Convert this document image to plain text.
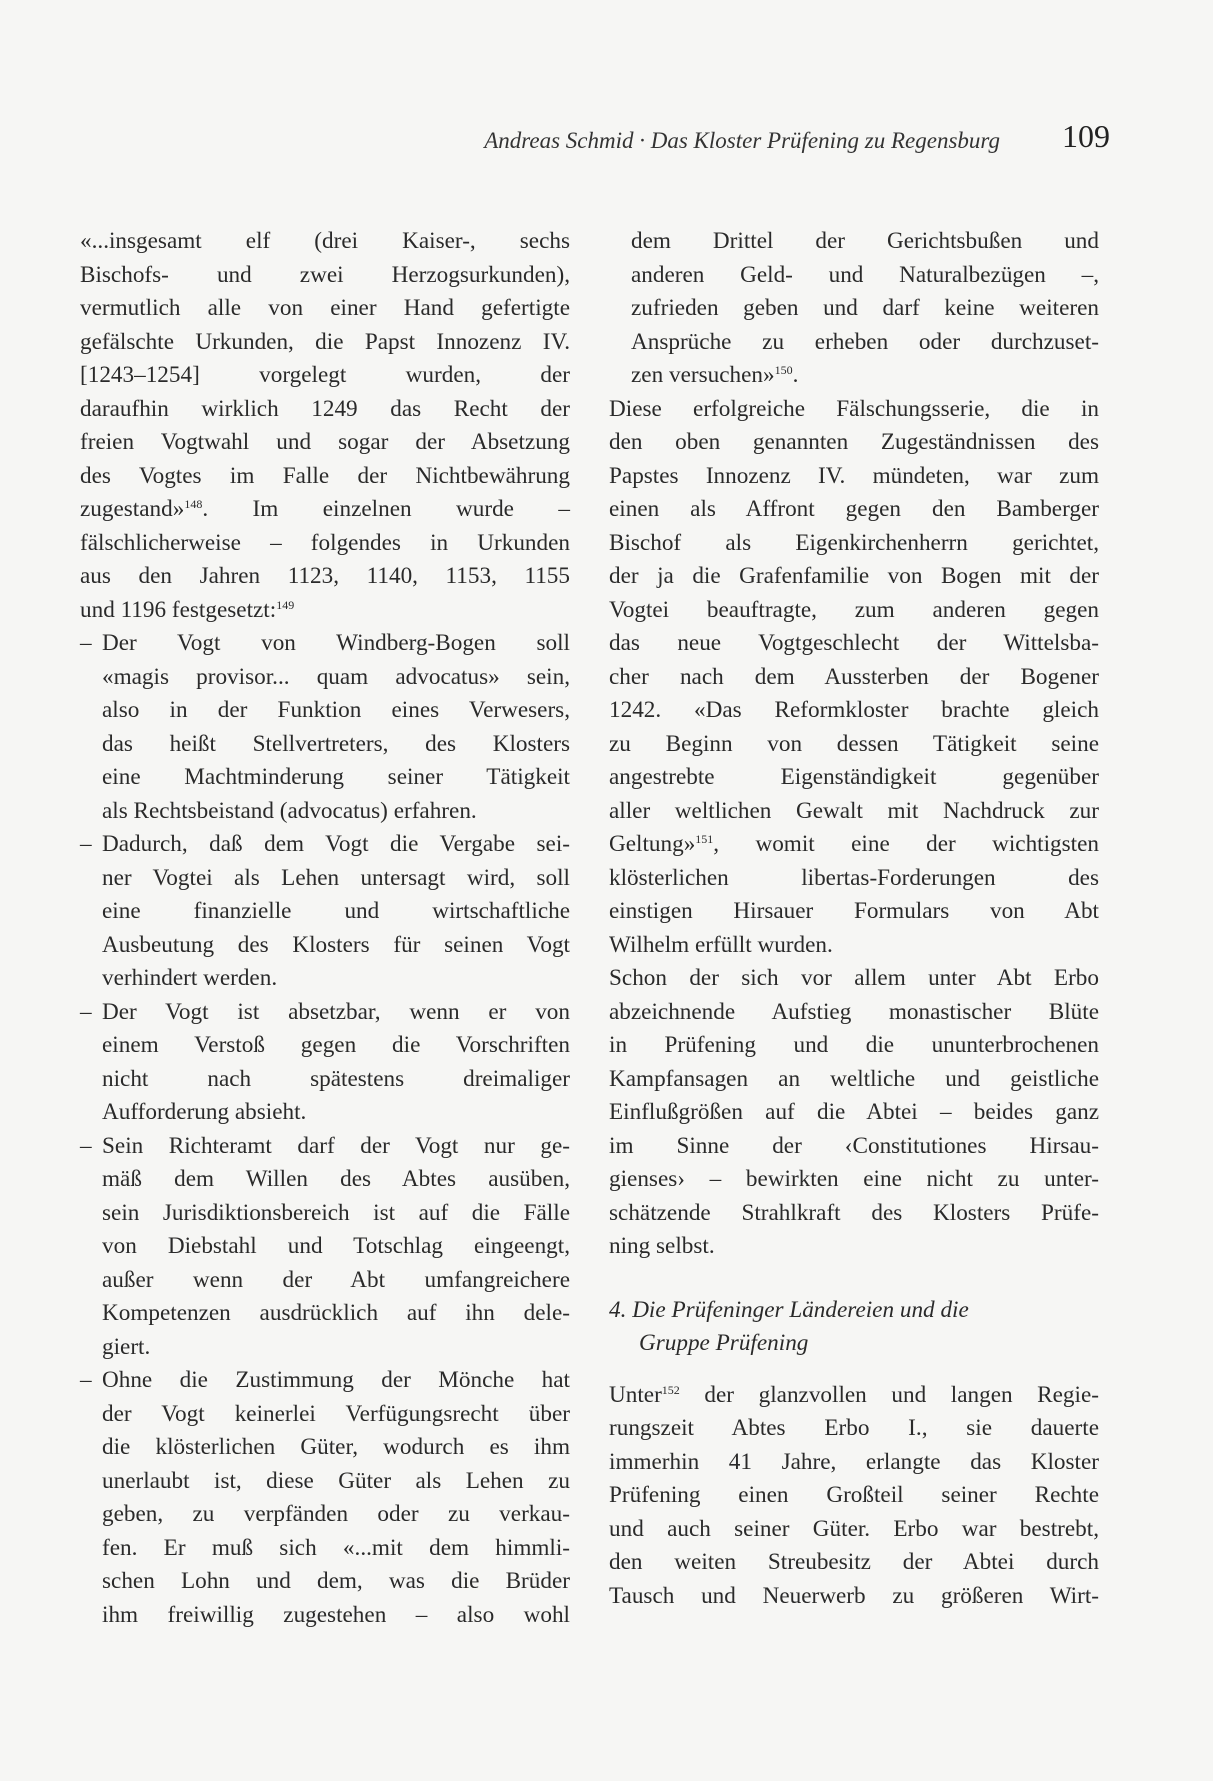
Andreas Schmid · Das Kloster Prüfening zu Regensburg 109
«...insgesamt elf (drei Kaiser-, sechs
Bischofs- und zwei Herzogsurkunden),
vermutlich alle von einer Hand gefertigte
gefälschte Urkunden, die Papst Innozenz IV.
[1243–1254] vorgelegt wurden, der
daraufhin wirklich 1249 das Recht der
freien Vogtwahl und sogar der Absetzung
des Vogtes im Falle der Nichtbewährung
zugestand»$^{148}$. Im einzelnen wurde –
fälschlicherweise – folgendes in Urkunden
aus den Jahren 1123, 1140, 1153, 1155
und 1196 festgesetzt:$^{149}$
– Der Vogt von Windberg-Bogen soll
«magis provisor... quam advocatus» sein,
also in der Funktion eines Verwesers,
das heißt Stellvertreters, des Klosters
eine Machtminderung seiner Tätigkeit
als Rechtsbeistand (advocatus) erfahren.
– Dadurch, daß dem Vogt die Vergabe sei-
ner Vogtei als Lehen untersagt wird, soll
eine finanzielle und wirtschaftliche
Ausbeutung des Klosters für seinen Vogt
verhindert werden.
– Der Vogt ist absetzbar, wenn er von
einem Verstoß gegen die Vorschriften
nicht nach spätestens dreimaliger
Aufforderung absieht.
– Sein Richteramt darf der Vogt nur ge-
mäß dem Willen des Abtes ausüben,
sein Jurisdiktionsbereich ist auf die Fälle
von Diebstahl und Totschlag eingeengt,
außer wenn der Abt umfangreichere
Kompetenzen ausdrücklich auf ihn dele-
giert.
– Ohne die Zustimmung der Mönche hat
der Vogt keinerlei Verfügungsrecht über
die klösterlichen Güter, wodurch es ihm
unerlaubt ist, diese Güter als Lehen zu
geben, zu verpfänden oder zu verkau-
fen. Er muß sich «...mit dem himmli-
schen Lohn und dem, was die Brüder
ihm freiwillig zugestehen – also wohl
dem Drittel der Gerichtsbußen und
anderen Geld- und Naturalbezügen –,
zufrieden geben und darf keine weiteren
Ansprüche zu erheben oder durchzuset-
zen versuchen»$^{150}$.
Diese erfolgreiche Fälschungsserie, die in
den oben genannten Zugeständnissen des
Papstes Innozenz IV. mündeten, war zum
einen als Affront gegen den Bamberger
Bischof als Eigenkirchenherrn gerichtet,
der ja die Grafenfamilie von Bogen mit der
Vogtei beauftragte, zum anderen gegen
das neue Vogtgeschlecht der Wittelsba-
cher nach dem Aussterben der Bogener
1242. «Das Reformkloster brachte gleich
zu Beginn von dessen Tätigkeit seine
angestrebte Eigenständigkeit gegenüber
aller weltlichen Gewalt mit Nachdruck zur
Geltung»$^{151}$, womit eine der wichtigsten
klösterlichen libertas-Forderungen des
einstigen Hirsauer Formulars von Abt
Wilhelm erfüllt wurden.
Schon der sich vor allem unter Abt Erbo
abzeichnende Aufstieg monastischer Blüte
in Prüfening und die ununterbrochenen
Kampfansagen an weltliche und geistliche
Einflußgrößen auf die Abtei – beides ganz
im Sinne der ‹Constitutiones Hirsau-
gienses› – bewirkten eine nicht zu unter-
schätzende Strahlkraft des Klosters Prüfe-
ning selbst.
4. Die Prüfeninger Ländereien und die
Gruppe Prüfening
Unter$^{152}$ der glanzvollen und langen Regie-
rungszeit Abtes Erbo I., sie dauerte
immerhin 41 Jahre, erlangte das Kloster
Prüfening einen Großteil seiner Rechte
und auch seiner Güter. Erbo war bestrebt,
den weiten Streubesitz der Abtei durch
Tausch und Neuerwerb zu größeren Wirt-
